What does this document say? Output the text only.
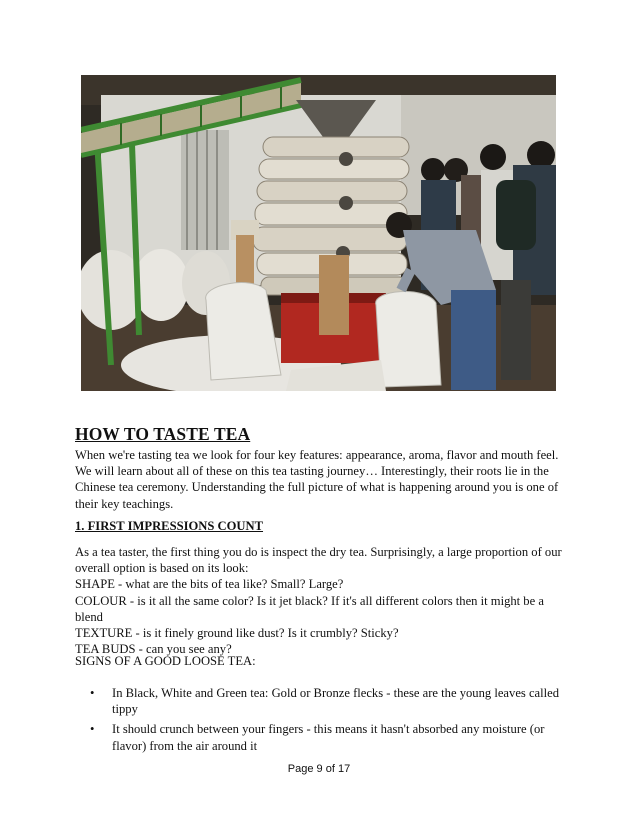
HOW TO TASTE TEA

When we're tasting tea we look for four key features: appearance, aroma, flavor and mouth feel. We will learn about all of these on this tea tasting journey… Interestingly, their roots lie in the Chinese tea ceremony. Understanding the full picture of what is happening around you is one of their key teachings.

1. FIRST IMPRESSIONS COUNT

As a tea taster, the first thing you do is inspect the dry tea. Surprisingly, a large proportion of our overall option is based on its look:
SHAPE - what are the bits of tea like? Small? Large?
COLOUR - is it all the same color? Is it jet black? If it's all different colors then it might be a blend
TEXTURE - is it finely ground like dust? Is it crumbly? Sticky?
TEA BUDS - can you see any?

SIGNS OF A GOOD LOOSE TEA:

• In Black, White and Green tea: Gold or Bronze flecks - these are the young leaves called tippy
• It should crunch between your fingers - this means it hasn't absorbed any moisture (or flavor) from the air around it
Page 9 of 17
